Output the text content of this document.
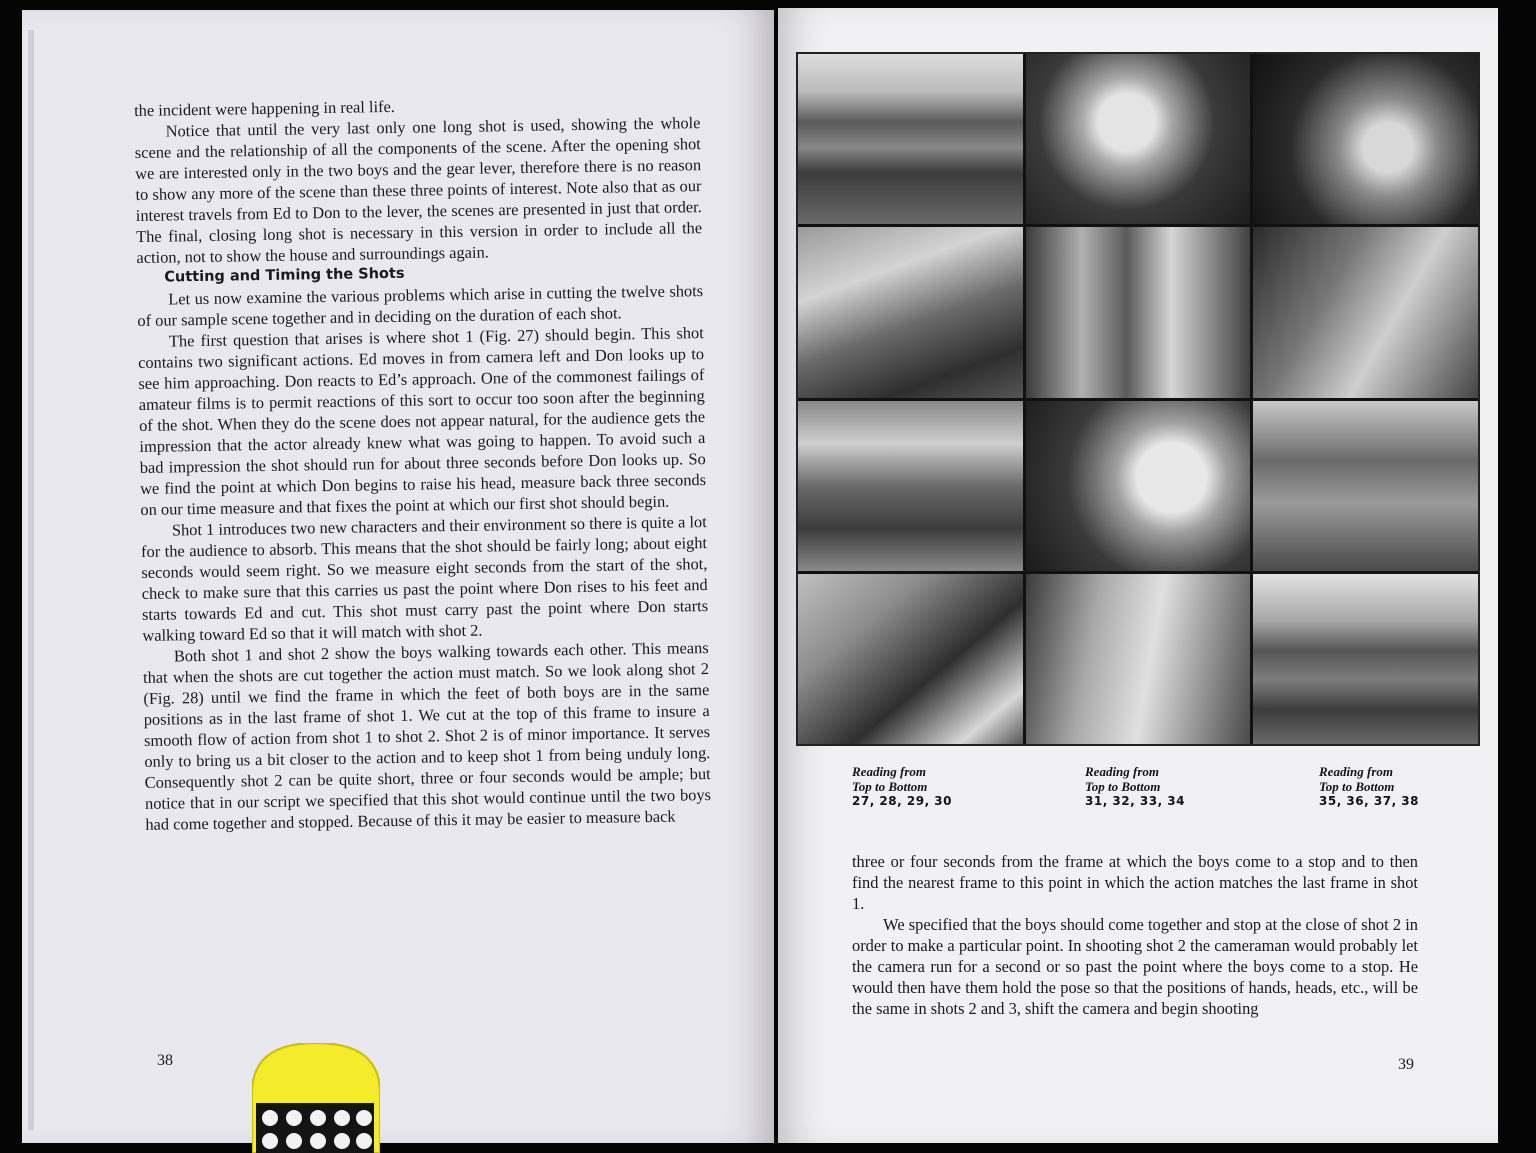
the incident were happening in real life.

Notice that until the very last only one long shot is used, showing the whole scene and the relationship of all the components of the scene. After the opening shot we are interested only in the two boys and the gear lever, therefore there is no reason to show any more of the scene than these three points of interest. Note also that as our interest travels from Ed to Don to the lever, the scenes are presented in just that order. The final, closing long shot is necessary in this version in order to include all the action, not to show the house and surroundings again.

Cutting and Timing the Shots

Let us now examine the various problems which arise in cutting the twelve shots of our sample scene together and in deciding on the duration of each shot.

The first question that arises is where shot 1 (Fig. 27) should begin. This shot contains two significant actions. Ed moves in from camera left and Don looks up to see him approaching. Don reacts to Ed’s approach. One of the commonest failings of amateur films is to permit reactions of this sort to occur too soon after the beginning of the shot. When they do the scene does not appear natural, for the audience gets the impression that the actor already knew what was going to happen. To avoid such a bad impression the shot should run for about three seconds before Don looks up. So we find the point at which Don begins to raise his head, measure back three seconds on our time measure and that fixes the point at which our first shot should begin.

Shot 1 introduces two new characters and their environment so there is quite a lot for the audience to absorb. This means that the shot should be fairly long; about eight seconds would seem right. So we measure eight seconds from the start of the shot, check to make sure that this carries us past the point where Don rises to his feet and starts towards Ed and cut. This shot must carry past the point where Don starts walking toward Ed so that it will match with shot 2.

Both shot 1 and shot 2 show the boys walking towards each other. This means that when the shots are cut together the action must match. So we look along shot 2 (Fig. 28) until we find the frame in which the feet of both boys are in the same positions as in the last frame of shot 1. We cut at the top of this frame to insure a smooth flow of action from shot 1 to shot 2. Shot 2 is of minor importance. It serves only to bring us a bit closer to the action and to keep shot 1 from being unduly long. Consequently shot 2 can be quite short, three or four seconds would be ample; but notice that in our script we specified that this shot would continue until the two boys had come together and stopped. Because of this it may be easier to measure back

38
Reading from
Top to Bottom
27, 28, 29, 30
Reading from
Top to Bottom
31, 32, 33, 34
Reading from
Top to Bottom
35, 36, 37, 38

three or four seconds from the frame at which the boys come to a stop and to then find the nearest frame to this point in which the action matches the last frame in shot 1.

We specified that the boys should come together and stop at the close of shot 2 in order to make a particular point. In shooting shot 2 the cameraman would probably let the camera run for a second or so past the point where the boys come to a stop. He would then have them hold the pose so that the positions of hands, heads, etc., will be the same in shots 2 and 3, shift the camera and begin shooting

39
